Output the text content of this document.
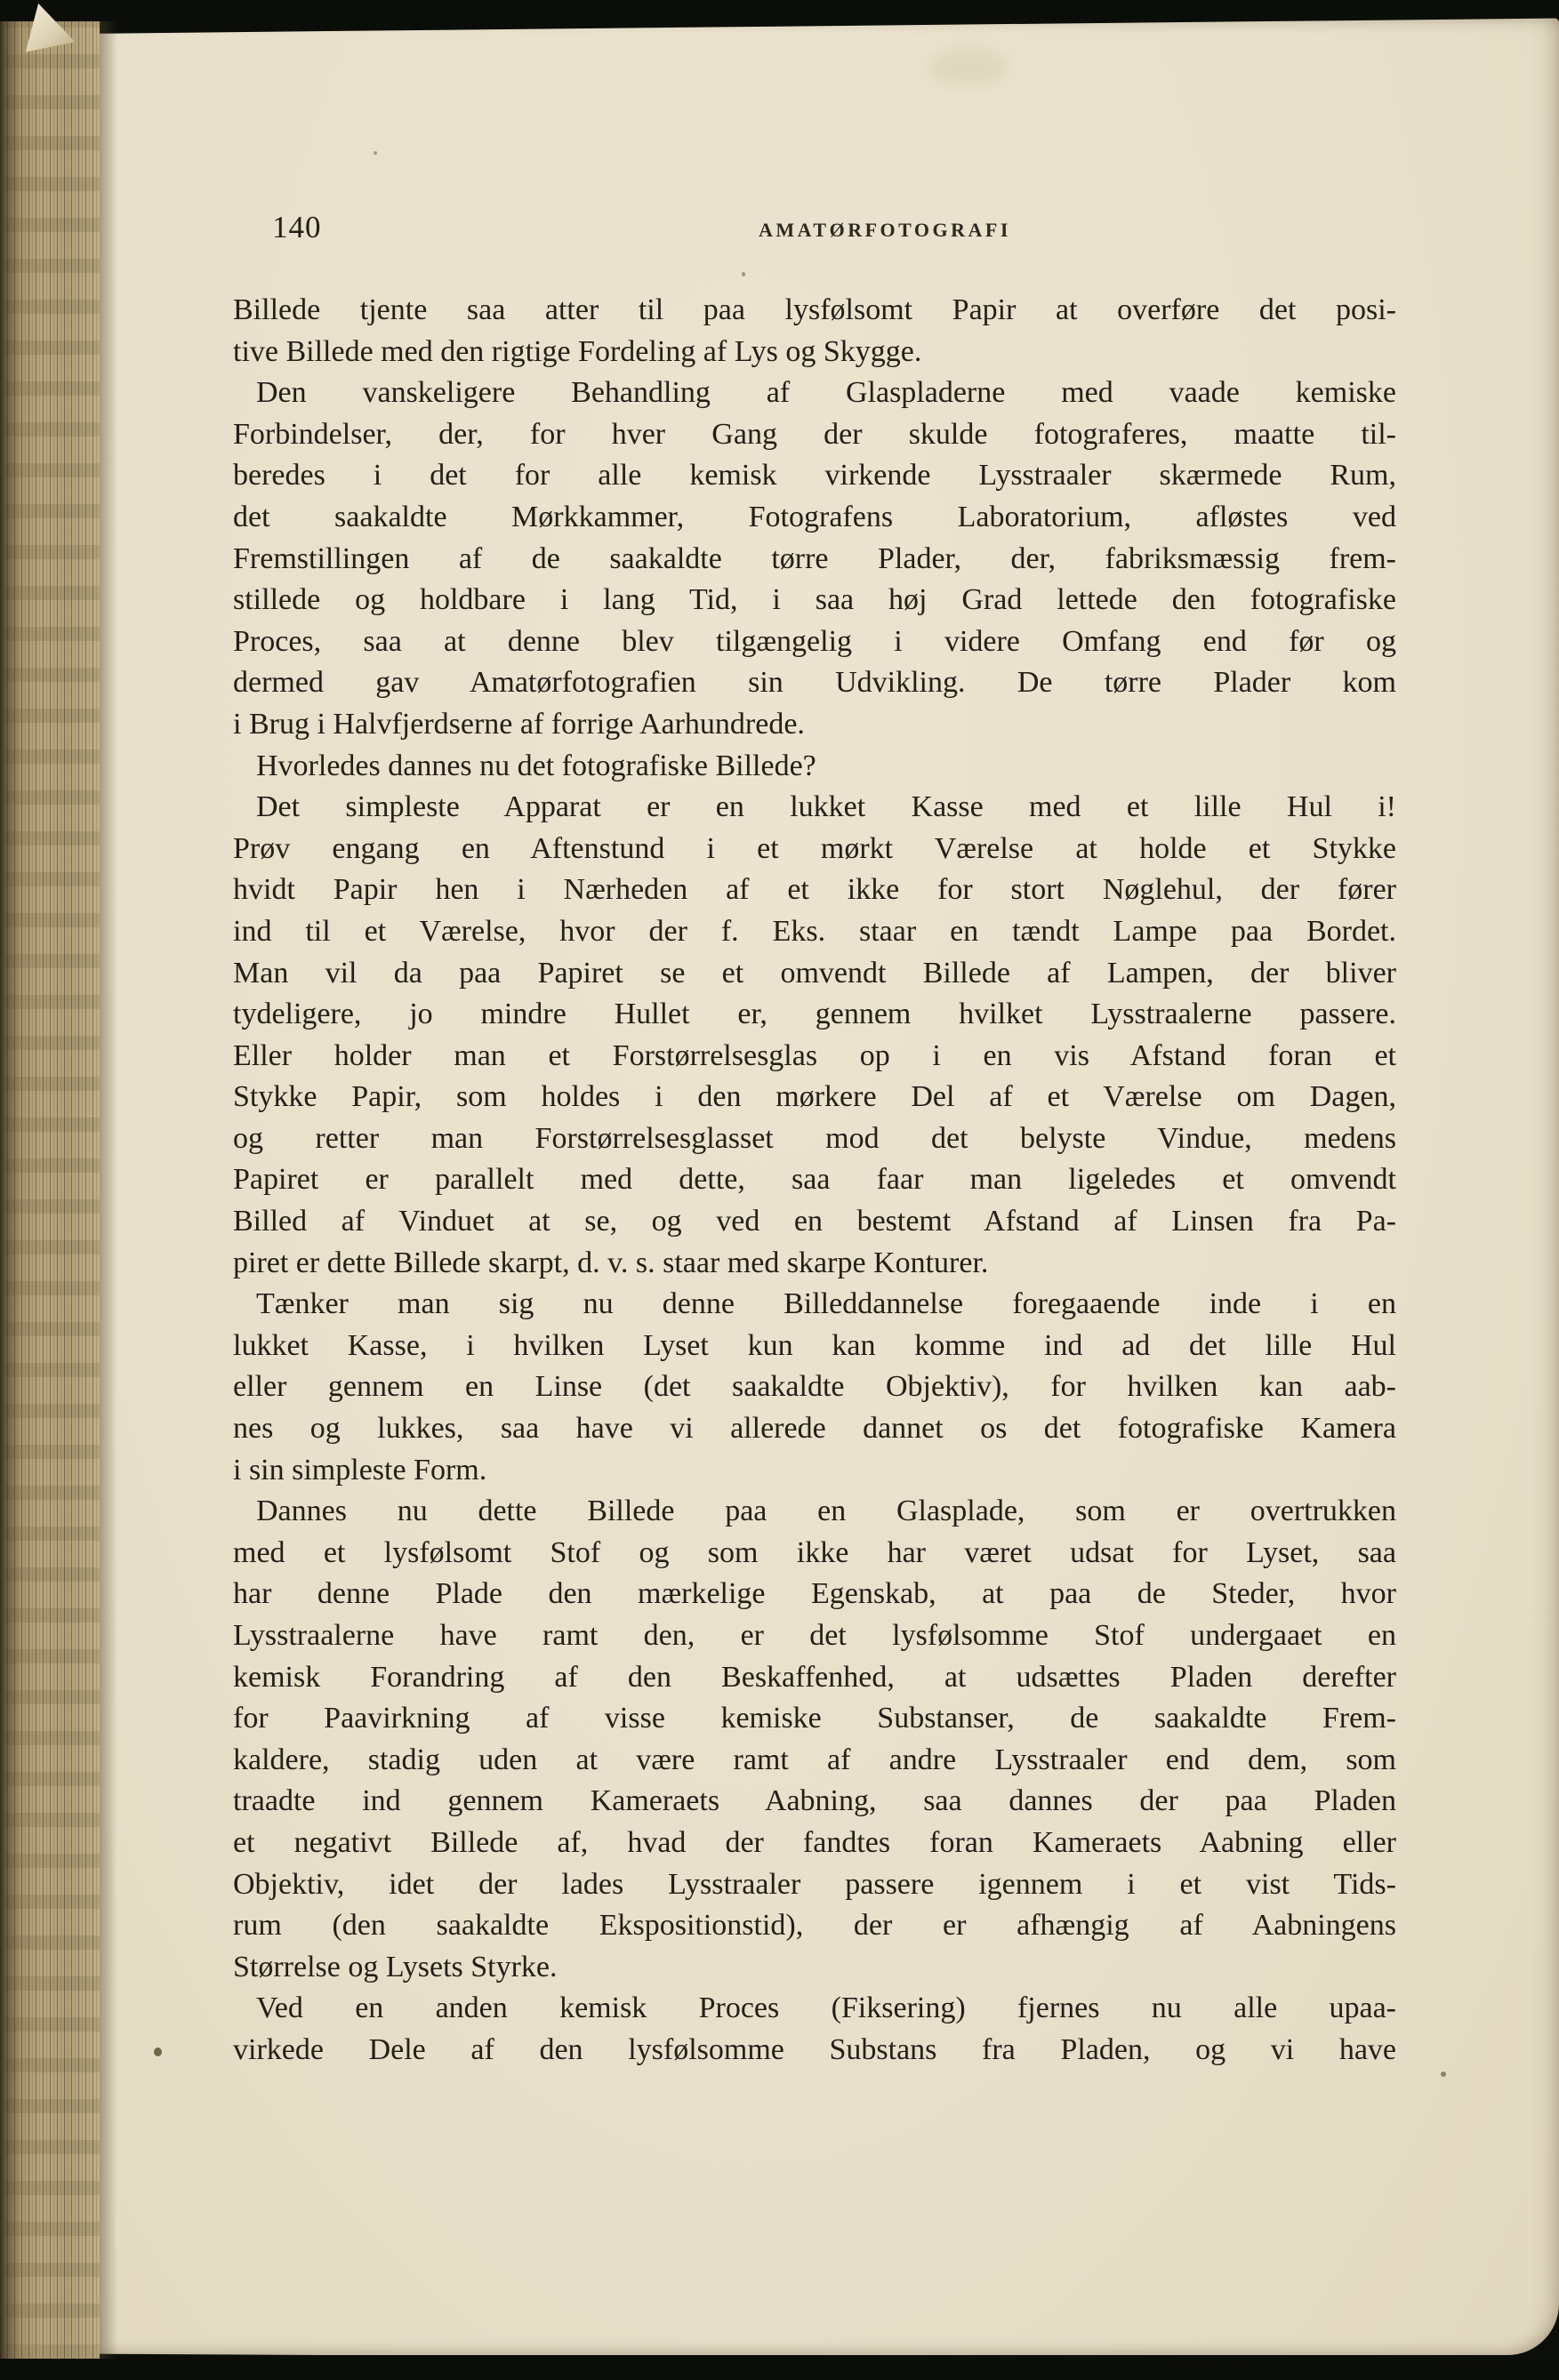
140	AMATØRFOTOGRAFI
Billede tjente saa atter til paa lysfølsomt Papir at overføre det posi-
tive Billede med den rigtige Fordeling af Lys og Skygge.
Den vanskeligere Behandling af Glaspladerne med vaade kemiske
Forbindelser, der, for hver Gang der skulde fotograferes, maatte til-
beredes i det for alle kemisk virkende Lysstraaler skærmede Rum,
det saakaldte Mørkkammer, Fotografens Laboratorium, afløstes ved
Fremstillingen af de saakaldte tørre Plader, der, fabriksmæssig frem-
stillede og holdbare i lang Tid, i saa høj Grad lettede den fotografiske
Proces, saa at denne blev tilgængelig i videre Omfang end før og
dermed gav Amatørfotografien sin Udvikling. De tørre Plader kom
i Brug i Halvfjerdserne af forrige Aarhundrede.
Hvorledes dannes nu det fotografiske Billede?
Det simpleste Apparat er en lukket Kasse med et lille Hul i!
Prøv engang en Aftenstund i et mørkt Værelse at holde et Stykke
hvidt Papir hen i Nærheden af et ikke for stort Nøglehul, der fører
ind til et Værelse, hvor der f. Eks. staar en tændt Lampe paa Bordet.
Man vil da paa Papiret se et omvendt Billede af Lampen, der bliver
tydeligere, jo mindre Hullet er, gennem hvilket Lysstraalerne passere.
Eller holder man et Forstørrelsesglas op i en vis Afstand foran et
Stykke Papir, som holdes i den mørkere Del af et Værelse om Dagen,
og retter man Forstørrelsesglasset mod det belyste Vindue, medens
Papiret er parallelt med dette, saa faar man ligeledes et omvendt
Billed af Vinduet at se, og ved en bestemt Afstand af Linsen fra Pa-
piret er dette Billede skarpt, d. v. s. staar med skarpe Konturer.
Tænker man sig nu denne Billeddannelse foregaaende inde i en
lukket Kasse, i hvilken Lyset kun kan komme ind ad det lille Hul
eller gennem en Linse (det saakaldte Objektiv), for hvilken kan aab-
nes og lukkes, saa have vi allerede dannet os det fotografiske Kamera
i sin simpleste Form.
Dannes nu dette Billede paa en Glasplade, som er overtrukken
med et lysfølsomt Stof og som ikke har været udsat for Lyset, saa
har denne Plade den mærkelige Egenskab, at paa de Steder, hvor
Lysstraalerne have ramt den, er det lysfølsomme Stof undergaaet en
kemisk Forandring af den Beskaffenhed, at udsættes Pladen derefter
for Paavirkning af visse kemiske Substanser, de saakaldte Frem-
kaldere, stadig uden at være ramt af andre Lysstraaler end dem, som
traadte ind gennem Kameraets Aabning, saa dannes der paa Pladen
et negativt Billede af, hvad der fandtes foran Kameraets Aabning eller
Objektiv, idet der lades Lysstraaler passere igennem i et vist Tids-
rum (den saakaldte Ekspositionstid), der er afhængig af Aabningens
Størrelse og Lysets Styrke.
Ved en anden kemisk Proces (Fiksering) fjernes nu alle upaa-
virkede Dele af den lysfølsomme Substans fra Pladen, og vi have
